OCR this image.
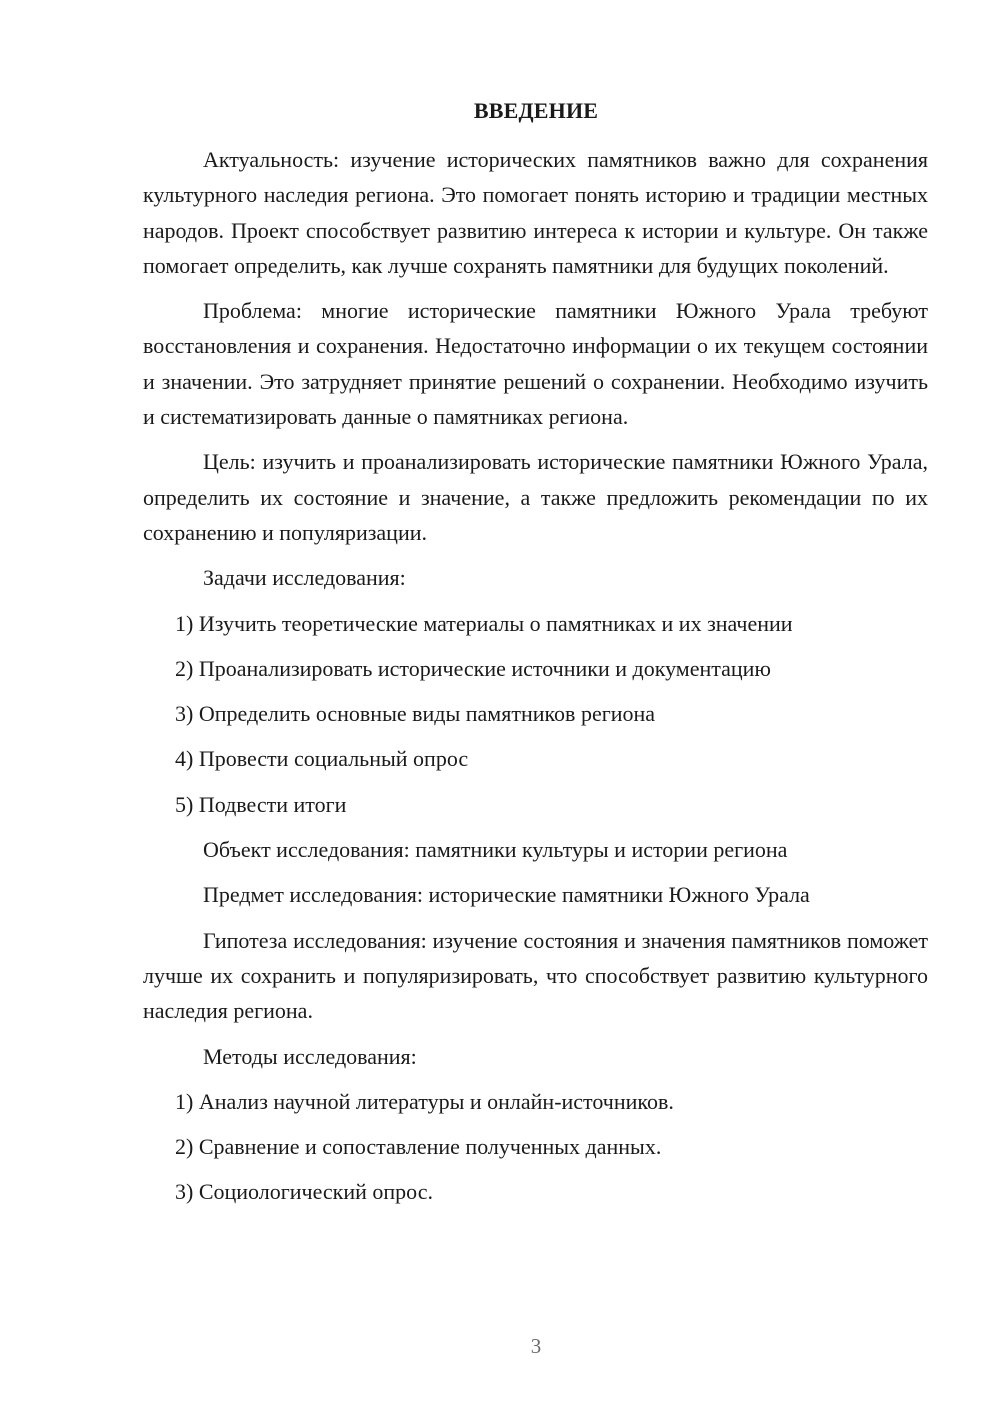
ВВЕДЕНИЕ

Актуальность: изучение исторических памятников важно для сохранения культурного наследия региона. Это помогает понять историю и традиции местных народов. Проект способствует развитию интереса к истории и культуре. Он также помогает определить, как лучше сохранять памятники для будущих поколений.

Проблема: многие исторические памятники Южного Урала требуют восстановления и сохранения. Недостаточно информации о их текущем состоянии и значении. Это затрудняет принятие решений о сохранении. Необходимо изучить и систематизировать данные о памятниках региона.

Цель: изучить и проанализировать исторические памятники Южного Урала, определить их состояние и значение, а также предложить рекомендации по их сохранению и популяризации.

Задачи исследования:

1) Изучить теоретические материалы о памятниках и их значении
2) Проанализировать исторические источники и документацию
3) Определить основные виды памятников региона
4) Провести социальный опрос
5) Подвести итоги

Объект исследования: памятники культуры и истории региона

Предмет исследования: исторические памятники Южного Урала

Гипотеза исследования: изучение состояния и значения памятников поможет лучше их сохранить и популяризировать, что способствует развитию культурного наследия региона.

Методы исследования:

1) Анализ научной литературы и онлайн-источников.
2) Сравнение и сопоставление полученных данных.
3) Социологический опрос.
3
